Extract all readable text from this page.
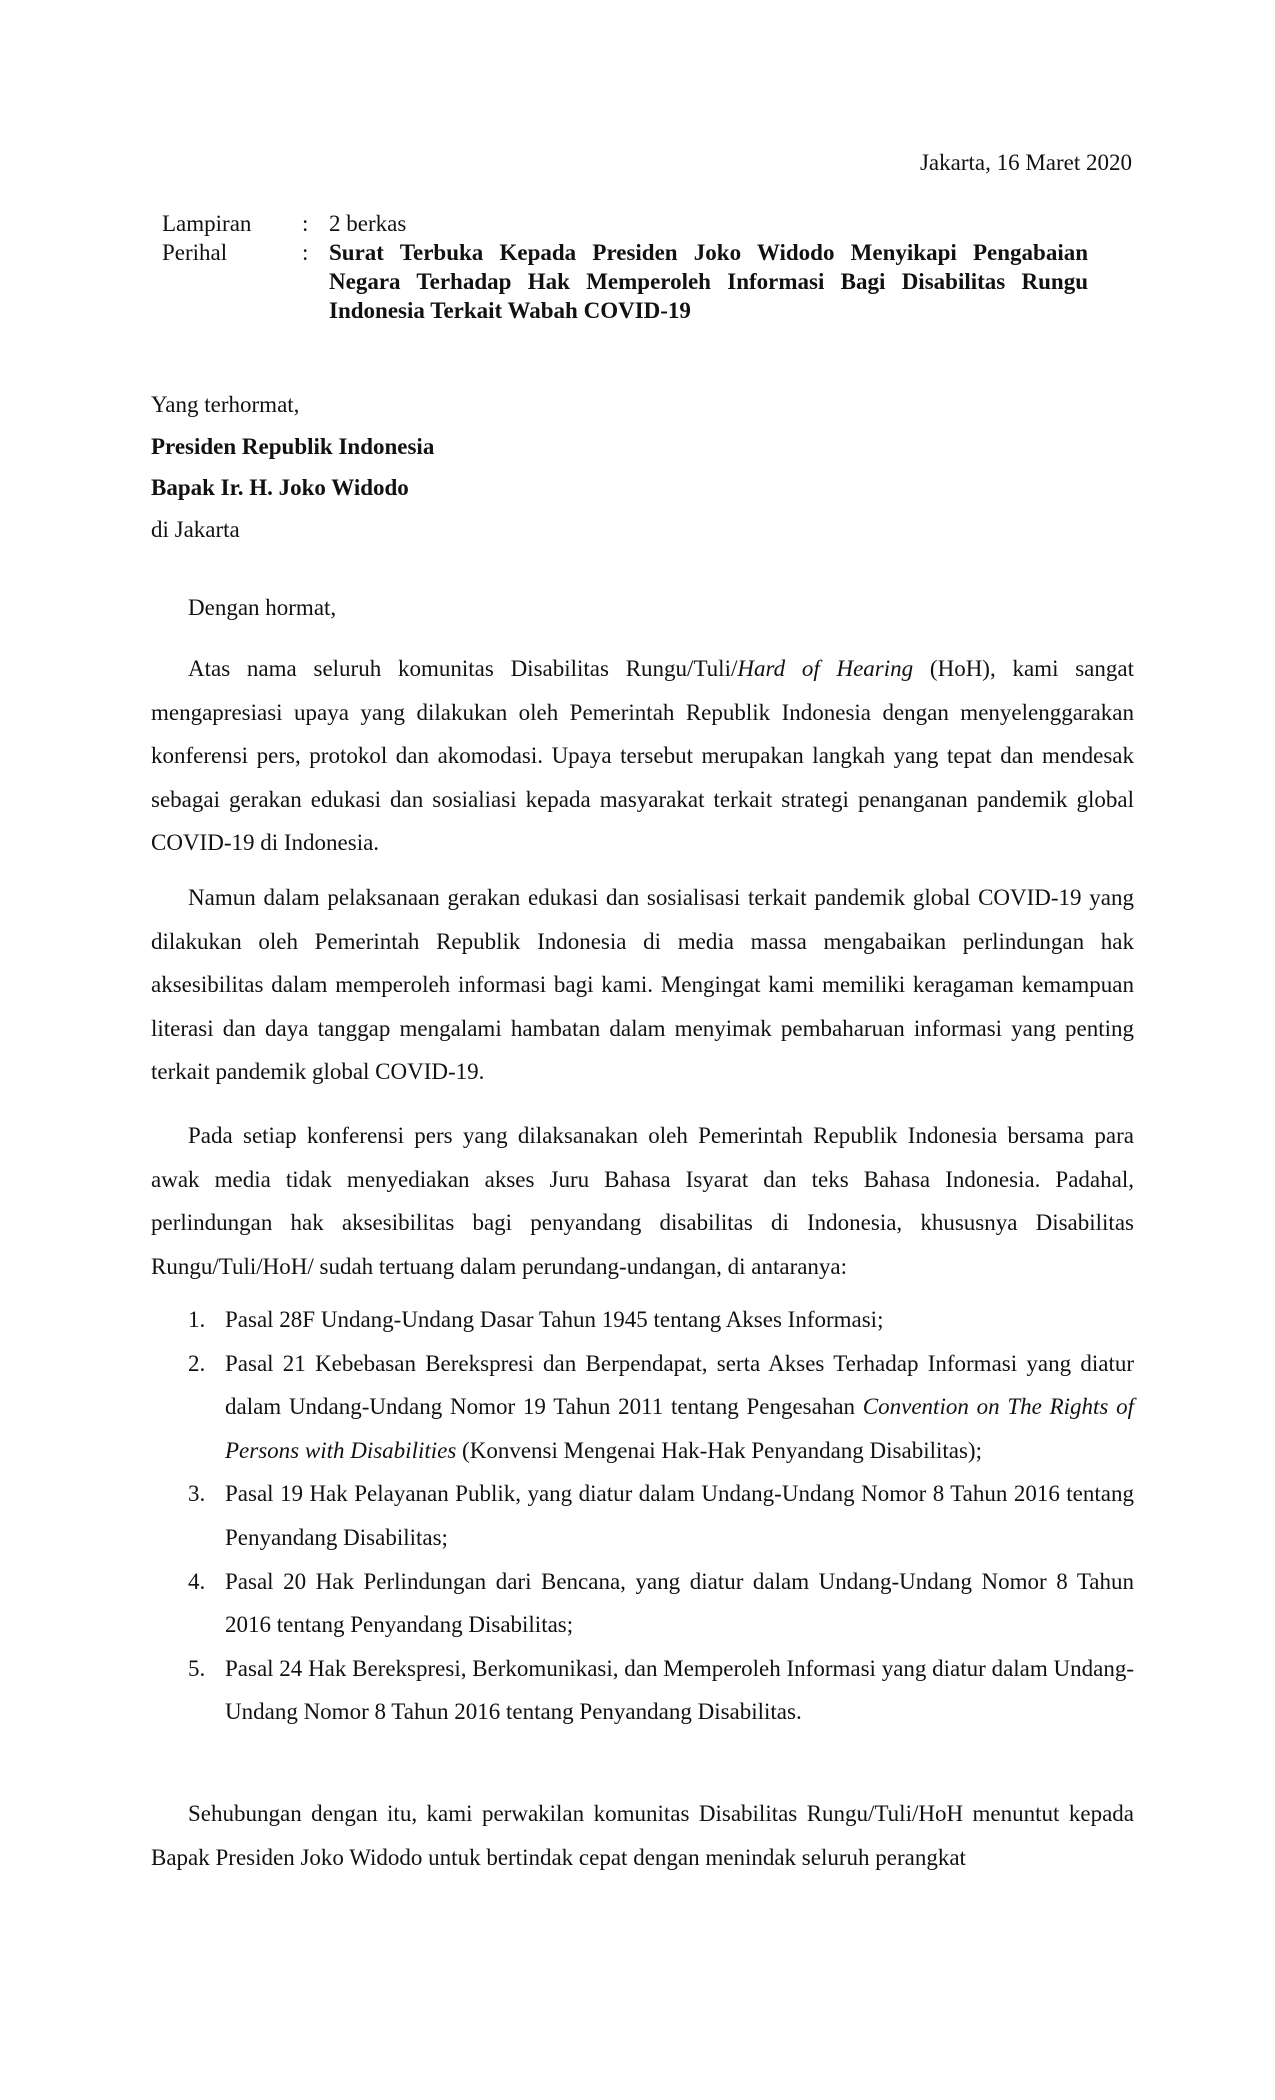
Jakarta, 16 Maret 2020
Lampiran	: 2 berkas
Perihal	: Surat Terbuka Kepada Presiden Joko Widodo Menyikapi Pengabaian Negara Terhadap Hak Memperoleh Informasi Bagi Disabilitas Rungu Indonesia Terkait Wabah COVID-19
Yang terhormat,
Presiden Republik Indonesia
Bapak Ir. H. Joko Widodo
di Jakarta
Dengan hormat,

Atas nama seluruh komunitas Disabilitas Rungu/Tuli/Hard of Hearing (HoH), kami sangat mengapresiasi upaya yang dilakukan oleh Pemerintah Republik Indonesia dengan menyelenggarakan konferensi pers, protokol dan akomodasi. Upaya tersebut merupakan langkah yang tepat dan mendesak sebagai gerakan edukasi dan sosialiasi kepada masyarakat terkait strategi penanganan pandemik global COVID-19 di Indonesia.

Namun dalam pelaksanaan gerakan edukasi dan sosialisasi terkait pandemik global COVID-19 yang dilakukan oleh Pemerintah Republik Indonesia di media massa mengabaikan perlindungan hak aksesibilitas dalam memperoleh informasi bagi kami. Mengingat kami memiliki keragaman kemampuan literasi dan daya tanggap mengalami hambatan dalam menyimak pembaharuan informasi yang penting terkait pandemik global COVID-19.

Pada setiap konferensi pers yang dilaksanakan oleh Pemerintah Republik Indonesia bersama para awak media tidak menyediakan akses Juru Bahasa Isyarat dan teks Bahasa Indonesia. Padahal, perlindungan hak aksesibilitas bagi penyandang disabilitas di Indonesia, khususnya Disabilitas Rungu/Tuli/HoH/ sudah tertuang dalam perundang-undangan, di antaranya:

1. Pasal 28F Undang-Undang Dasar Tahun 1945 tentang Akses Informasi;
2. Pasal 21 Kebebasan Berekspresi dan Berpendapat, serta Akses Terhadap Informasi yang diatur dalam Undang-Undang Nomor 19 Tahun 2011 tentang Pengesahan Convention on The Rights of Persons with Disabilities (Konvensi Mengenai Hak-Hak Penyandang Disabilitas);
3. Pasal 19 Hak Pelayanan Publik, yang diatur dalam Undang-Undang Nomor 8 Tahun 2016 tentang Penyandang Disabilitas;
4. Pasal 20 Hak Perlindungan dari Bencana, yang diatur dalam Undang-Undang Nomor 8 Tahun 2016 tentang Penyandang Disabilitas;
5. Pasal 24 Hak Berekspresi, Berkomunikasi, dan Memperoleh Informasi yang diatur dalam Undang-Undang Nomor 8 Tahun 2016 tentang Penyandang Disabilitas.

Sehubungan dengan itu, kami perwakilan komunitas Disabilitas Rungu/Tuli/HoH menuntut kepada Bapak Presiden Joko Widodo untuk bertindak cepat dengan menindak seluruh perangkat
